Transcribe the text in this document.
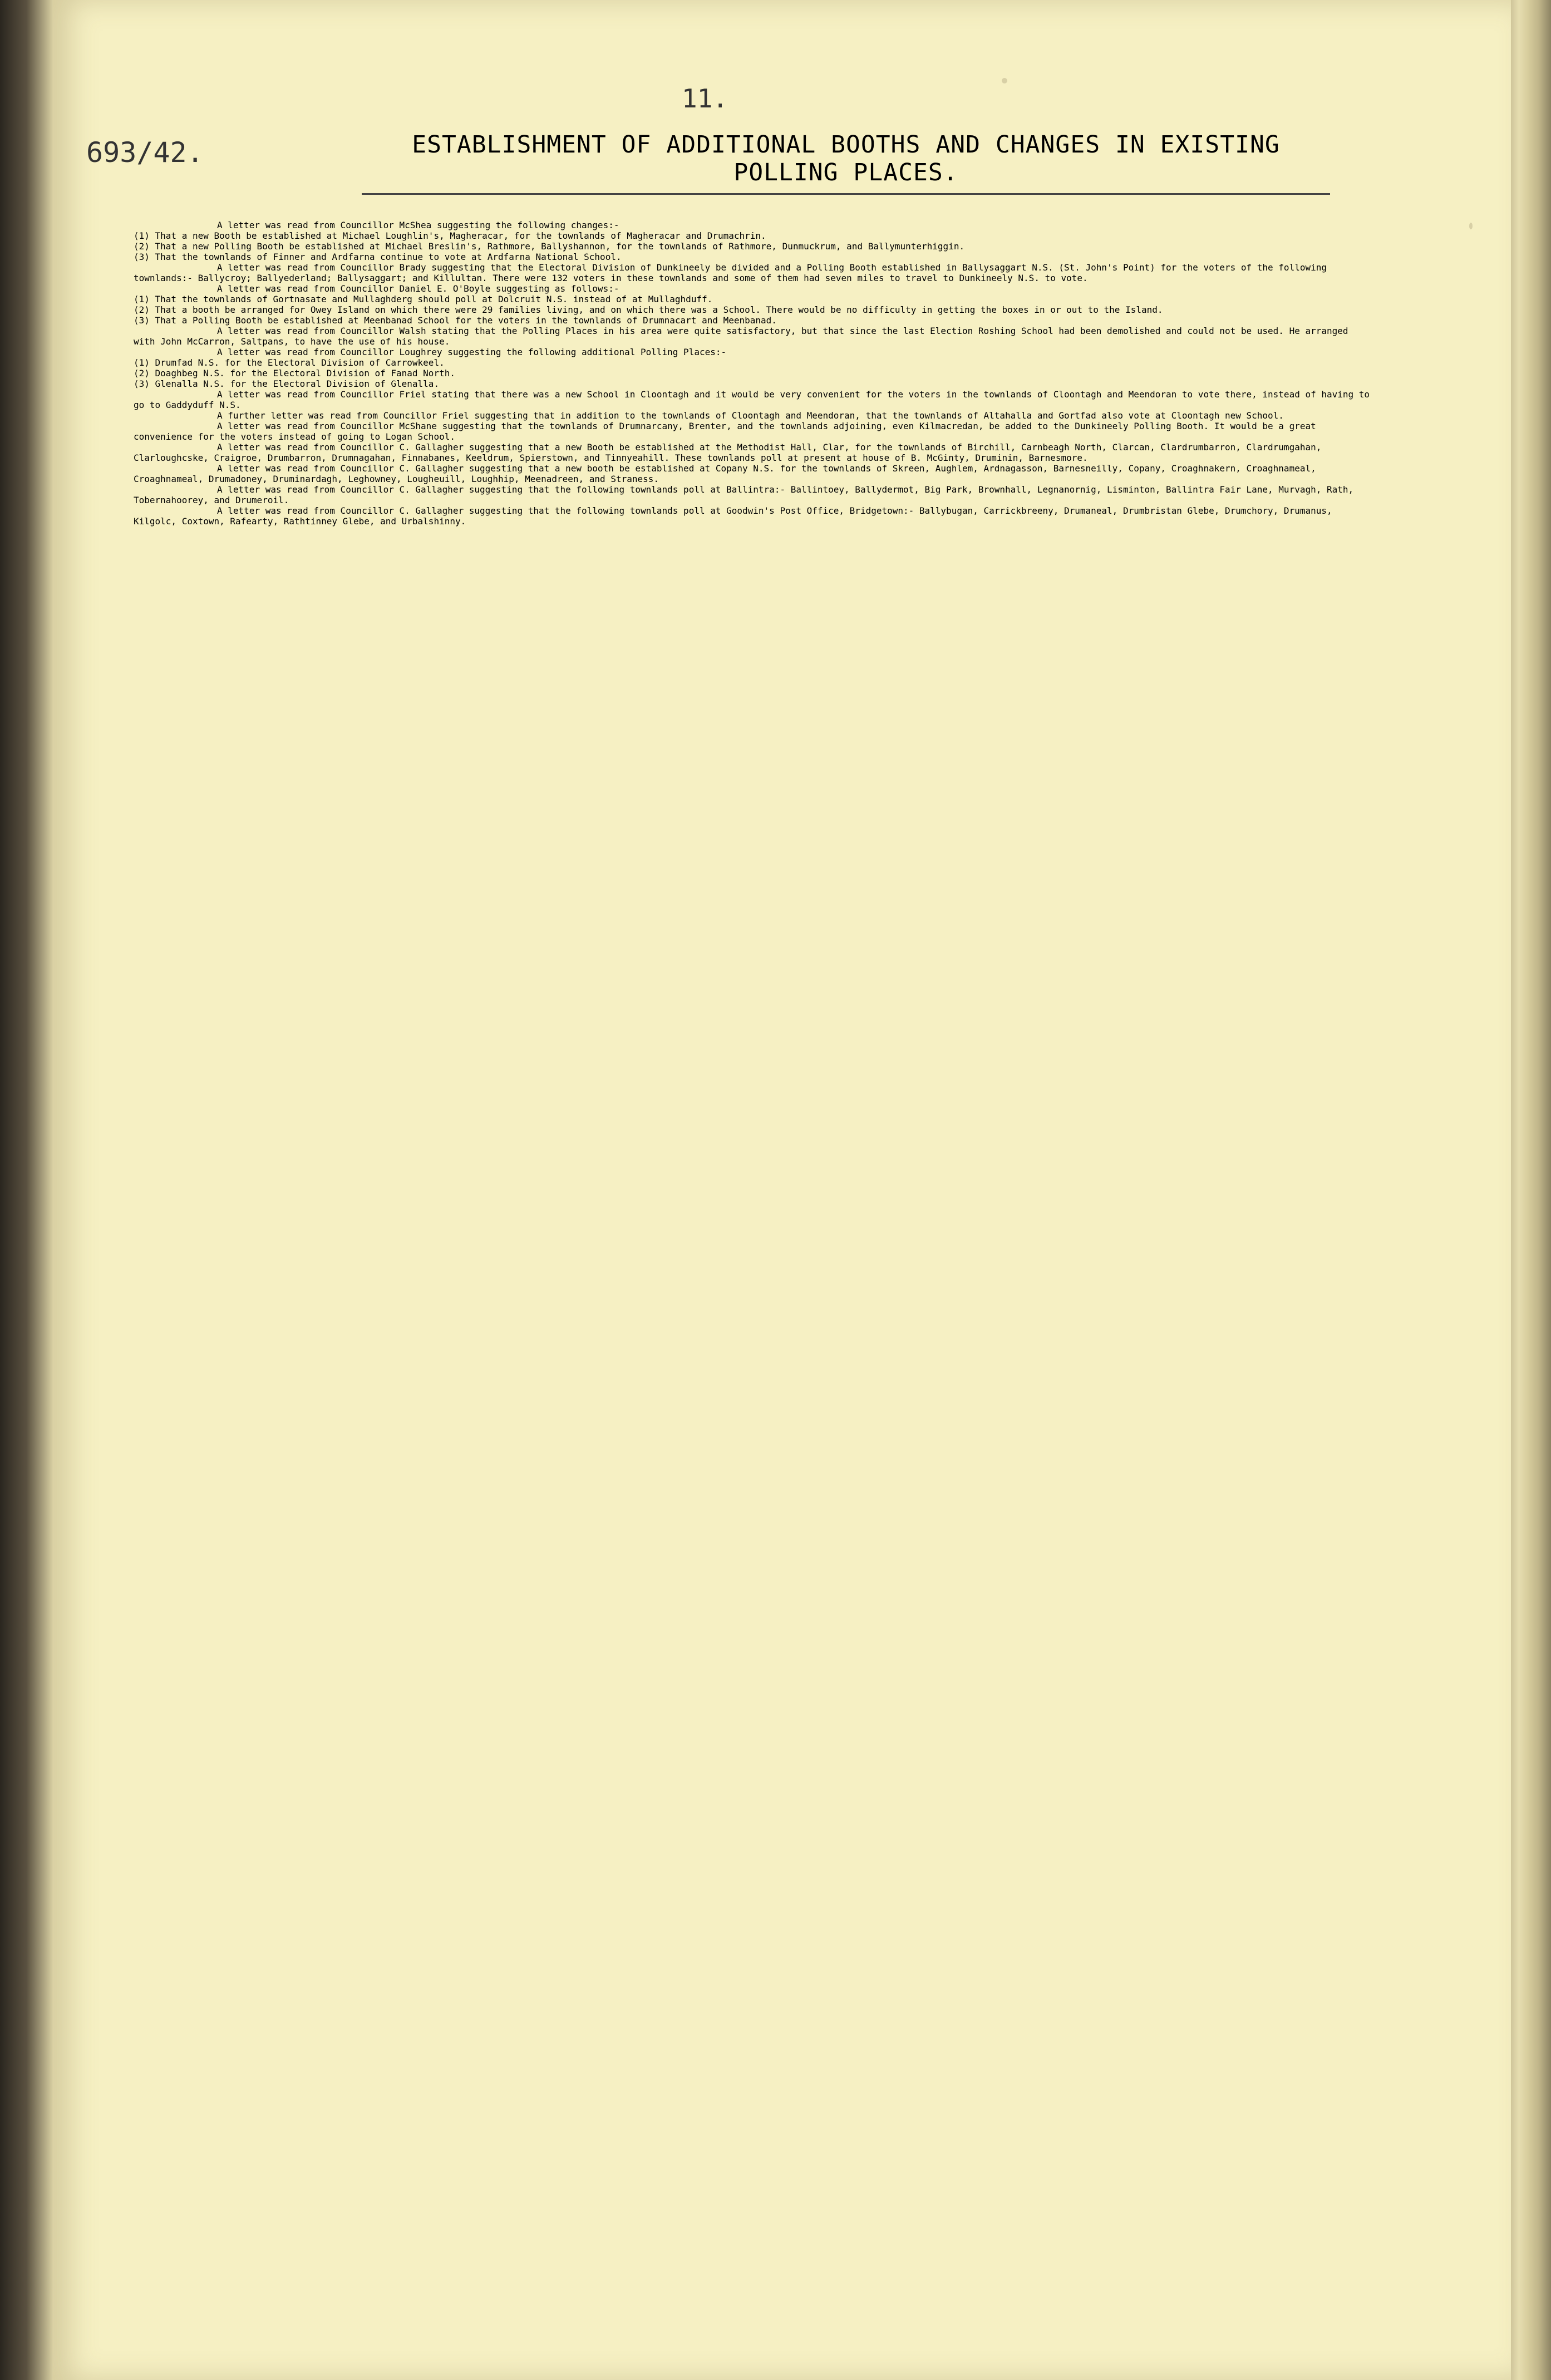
11.
693/42.	ESTABLISHMENT OF ADDITIONAL BOOTHS AND CHANGES IN EXISTING
POLLING PLACES.

A letter was read from Councillor McShea suggesting the following changes:-

(1) That a new Booth be established at Michael Loughlin's, Magheracar, for the townlands of Magheracar and Drumachrin.

(2) That a new Polling Booth be established at Michael Breslin's, Rathmore, Ballyshannon, for the townlands of Rathmore, Dunmuckrum, and Ballymunterhiggin.

(3) That the townlands of Finner and Ardfarna continue to vote at Ardfarna National School.

A letter was read from Councillor Brady suggesting that the Electoral Division of Dunkineely be divided and a Polling Booth established in Ballysaggart N.S. (St. John's Point) for the voters of the following townlands:- Ballycroy; Ballyederland; Ballysaggart; and Killultan. There were 132 voters in these townlands and some of them had seven miles to travel to Dunkineely N.S. to vote.

A letter was read from Councillor Daniel E. O'Boyle suggesting as follows:-

(1) That the townlands of Gortnasate and Mullaghderg should poll at Dolcruit N.S. instead of at Mullaghduff.

(2) That a booth be arranged for Owey Island on which there were 29 families living, and on which there was a School. There would be no difficulty in getting the boxes in or out to the Island.

(3) That a Polling Booth be established at Meenbanad School for the voters in the townlands of Drumnacart and Meenbanad.

A letter was read from Councillor Walsh stating that the Polling Places in his area were quite satisfactory, but that since the last Election Roshing School had been demolished and could not be used. He arranged with John McCarron, Saltpans, to have the use of his house.

A letter was read from Councillor Loughrey suggesting the following additional Polling Places:-

(1) Drumfad N.S. for the Electoral Division of Carrowkeel.

(2) Doaghbeg N.S. for the Electoral Division of Fanad North.

(3) Glenalla N.S. for the Electoral Division of Glenalla.

A letter was read from Councillor Friel stating that there was a new School in Cloontagh and it would be very convenient for the voters in the townlands of Cloontagh and Meendoran to vote there, instead of having to go to Gaddyduff N.S.

A further letter was read from Councillor Friel suggesting that in addition to the townlands of Cloontagh and Meendoran, that the townlands of Altahalla and Gortfad also vote at Cloontagh new School.

A letter was read from Councillor McShane suggesting that the townlands of Drumnarcany, Brenter, and the townlands adjoining, even Kilmacredan, be added to the Dunkineely Polling Booth. It would be a great convenience for the voters instead of going to Logan School.

A letter was read from Councillor C. Gallagher suggesting that a new Booth be established at the Methodist Hall, Clar, for the townlands of Birchill, Carnbeagh North, Clarcan, Clardrumbarron, Clardrumgahan, Clarloughcske, Craigroe, Drumbarron, Drumnagahan, Finnabanes, Keeldrum, Spierstown, and Tinnyeahill. These townlands poll at present at house of B. McGinty, Druminin, Barnesmore.

A letter was read from Councillor C. Gallagher suggesting that a new booth be established at Copany N.S. for the townlands of Skreen, Aughlem, Ardnagasson, Barnesneilly, Copany, Croaghnakern, Croaghnameal, Croaghnameal, Drumadoney, Druminardagh, Leghowney, Lougheuill, Loughhip, Meenadreen, and Straness.

A letter was read from Councillor C. Gallagher suggesting that the following townlands poll at Ballintra:- Ballintoey, Ballydermot, Big Park, Brownhall, Legnanornig, Lisminton, Ballintra Fair Lane, Murvagh, Rath, Tobernahoorey, and Drumeroil.

A letter was read from Councillor C. Gallagher suggesting that the following townlands poll at Goodwin's Post Office, Bridgetown:- Ballybugan, Carrickbreeny, Drumaneal, Drumbristan Glebe, Drumchory, Drumanus, Kilgolc, Coxtown, Rafearty, Rathtinney Glebe, and Urbalshinny.
